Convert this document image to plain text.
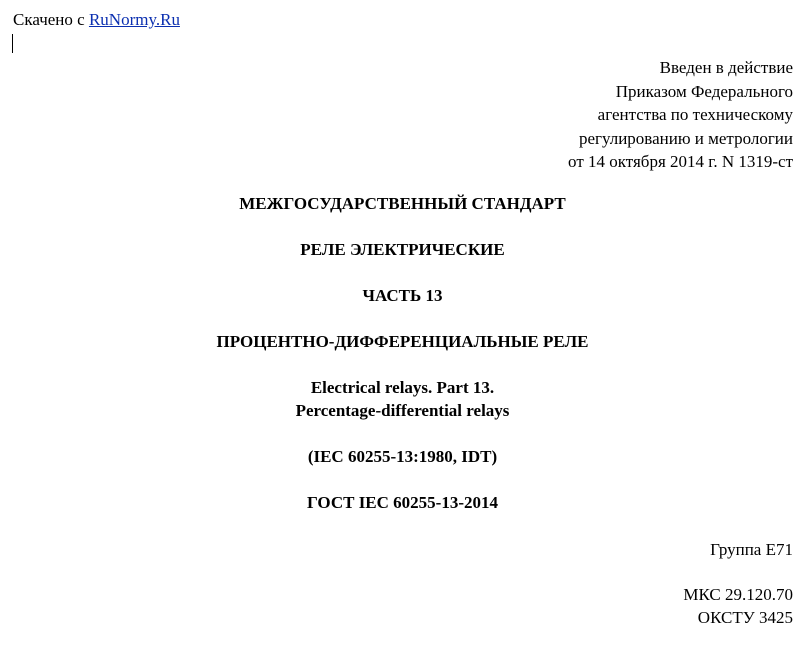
Скачено с RuNormy.Ru
Введен в действие
Приказом Федерального
агентства по техническому
регулированию и метрологии
от 14 октября 2014 г. N 1319-ст
МЕЖГОСУДАРСТВЕННЫЙ СТАНДАРТ
РЕЛЕ ЭЛЕКТРИЧЕСКИЕ
ЧАСТЬ 13
ПРОЦЕНТНО-ДИФФЕРЕНЦИАЛЬНЫЕ РЕЛЕ
Electrical relays. Part 13.
Percentage-differential relays
(IEC 60255-13:1980, IDT)
ГОСТ IEC 60255-13-2014
Группа Е71
МКС 29.120.70
ОКСТУ 3425
